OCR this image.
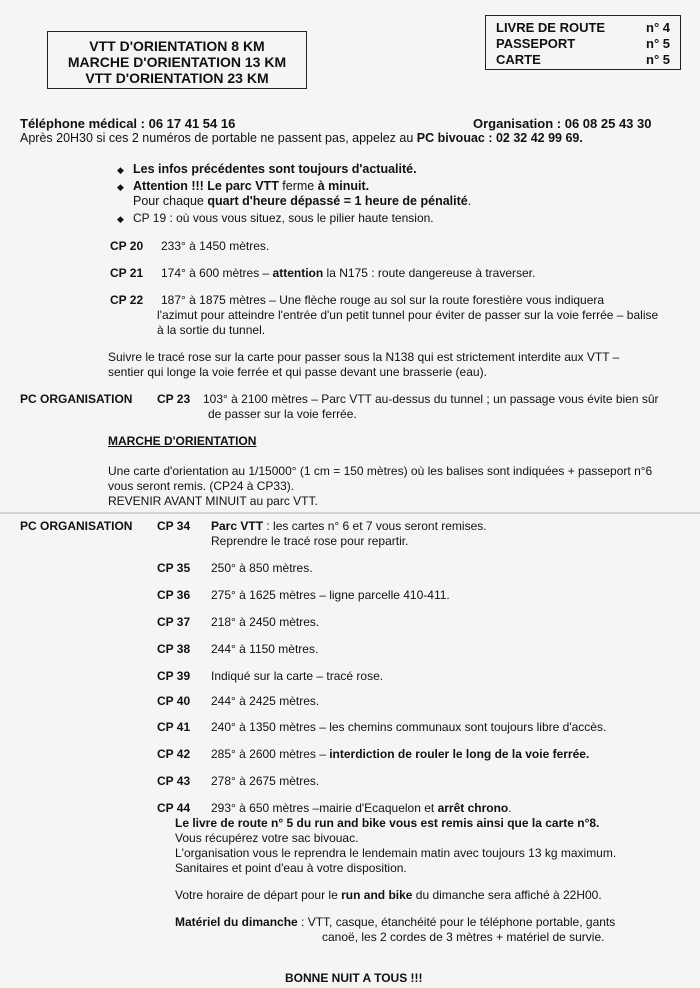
VTT D'ORIENTATION 8 KM
MARCHE D'ORIENTATION 13 KM
VTT D'ORIENTATION 23 KM
LIVRE DE ROUTE	n° 4
PASSEPORT	n° 5
CARTE	n° 5
Téléphone médical : 06 17 41 54 16	Organisation : 06 08 25 43 30
Après 20H30 si ces 2 numéros de portable ne passent pas, appelez au PC bivouac : 02 32 42 99 69.
◆ Les infos précédentes sont toujours d'actualité.
◆ Attention !!! Le parc VTT ferme à minuit.
Pour chaque quart d'heure dépassé = 1 heure de pénalité.
◆ CP 19 : où vous vous situez, sous le pilier haute tension.
CP 20 233° à 1450 mètres.
CP 21 174° à 600 mètres – attention la N175 : route dangereuse à traverser.
CP 22 187° à 1875 mètres – Une flèche rouge au sol sur la route forestière vous indiquera
l'azimut pour atteindre l'entrée d'un petit tunnel pour éviter de passer sur la voie ferrée – balise
à la sortie du tunnel.
Suivre le tracé rose sur la carte pour passer sous la N138 qui est strictement interdite aux VTT –
sentier qui longe la voie ferrée et qui passe devant une brasserie (eau).
PC ORGANISATION CP 23 103° à 2100 mètres – Parc VTT au-dessus du tunnel ; un passage vous évite bien sûr
de passer sur la voie ferrée.
MARCHE D'ORIENTATION
Une carte d'orientation au 1/15000° (1 cm = 150 mètres) où les balises sont indiquées + passeport n°6
vous seront remis. (CP24 à CP33).
REVENIR AVANT MINUIT au parc VTT.
PC ORGANISATION CP 34 Parc VTT : les cartes n° 6 et 7 vous seront remises.
Reprendre le tracé rose pour repartir.
CP 35 250° à 850 mètres.
CP 36 275° à 1625 mètres – ligne parcelle 410-411.
CP 37 218° à 2450 mètres.
CP 38 244° à 1150 mètres.
CP 39 Indiqué sur la carte – tracé rose.
CP 40 244° à 2425 mètres.
CP 41 240° à 1350 mètres – les chemins communaux sont toujours libre d'accès.
CP 42 285° à 2600 mètres – interdiction de rouler le long de la voie ferrée.
CP 43 278° à 2675 mètres.
CP 44 293° à 650 mètres –mairie d'Ecaquelon et arrêt chrono.
Le livre de route n° 5 du run and bike vous est remis ainsi que la carte n°8.
Vous récupérez votre sac bivouac.
L'organisation vous le reprendra le lendemain matin avec toujours 13 kg maximum.
Sanitaires et point d'eau à votre disposition.
Votre horaire de départ pour le run and bike du dimanche sera affiché à 22H00.
Matériel du dimanche : VTT, casque, étanchéité pour le téléphone portable, gants
canoë, les 2 cordes de 3 mètres + matériel de survie.
BONNE NUIT A TOUS !!!
